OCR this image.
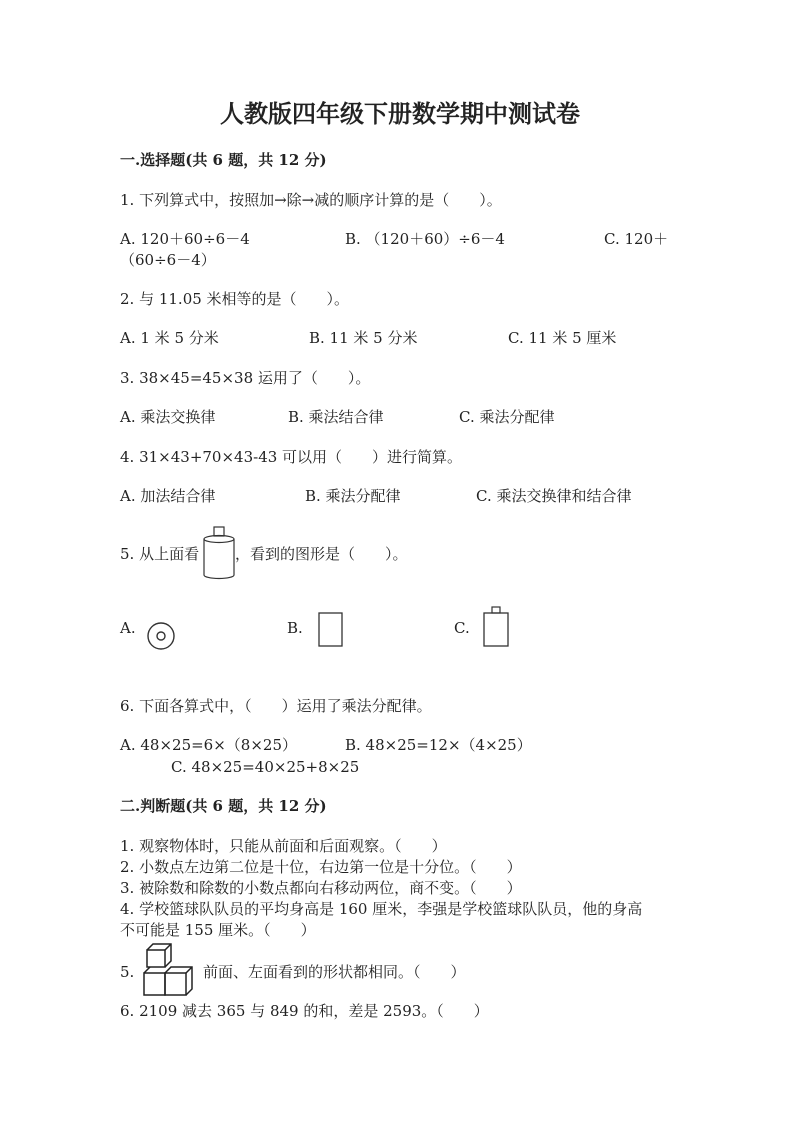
人教版四年级下册数学期中测试卷
一.选择题(共 6 题，共 12 分)
1. 下列算式中，按照加→除→减的顺序计算的是（　　）。
A. 120＋60÷6－4	B. （120＋60）÷6－4	C. 120＋
（60÷6－4）
2. 与 11.05 米相等的是（　　）。
A. 1 米 5 分米	B. 11 米 5 分米	C. 11 米 5 厘米
3. 38×45=45×38 运用了（　　）。
A. 乘法交换律	B. 乘法结合律	C. 乘法分配律
4. 31×43+70×43-43 可以用（　　）进行简算。
A. 加法结合律	B. 乘法分配律	C. 乘法交换律和结合律
5. 从上面看 ，看到的图形是（　　）。
A.	B.	C.
6. 下面各算式中，（　　）运用了乘法分配律。
A. 48×25=6×（8×25）	B. 48×25=12×（4×25）
C. 48×25=40×25+8×25
二.判断题(共 6 题，共 12 分)
1. 观察物体时，只能从前面和后面观察。（　　）
2. 小数点左边第二位是十位，右边第一位是十分位。（　　）
3. 被除数和除数的小数点都向右移动两位，商不变。（　　）
4. 学校篮球队队员的平均身高是 160 厘米，李强是学校篮球队队员，他的身高
不可能是 155 厘米。（　　）
5.	前面、左面看到的形状都相同。（　　）
6. 2109 减去 365 与 849 的和，差是 2593。（　　）
